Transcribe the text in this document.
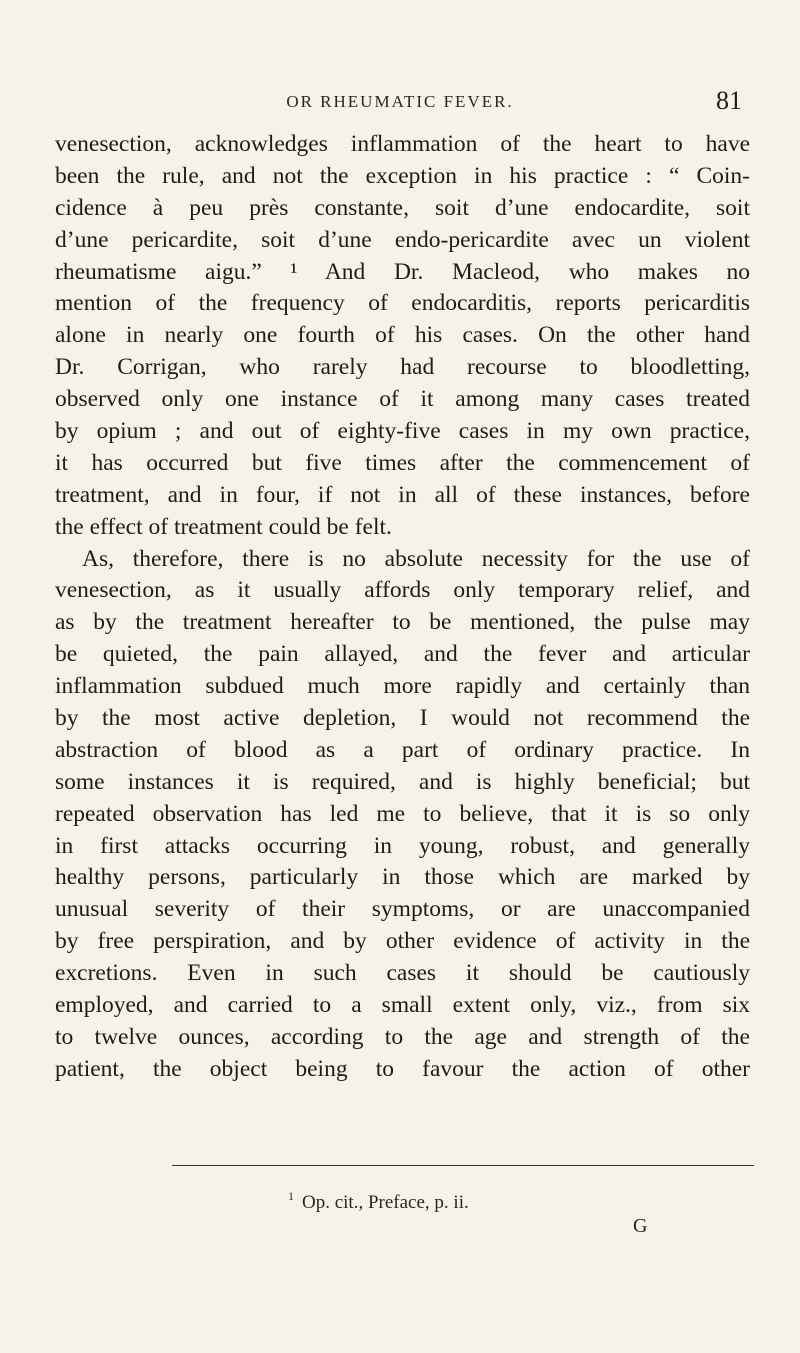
OR RHEUMATIC FEVER.	81
venesection, acknowledges inflammation of the heart to have
been the rule, and not the exception in his practice : “ Coin-
cidence à peu près constante, soit d’une endocardite, soit
d’une pericardite, soit d’une endo-pericardite avec un violent
rheumatisme aigu.” ¹ And Dr. Macleod, who makes no
mention of the frequency of endocarditis, reports pericarditis
alone in nearly one fourth of his cases. On the other hand
Dr. Corrigan, who rarely had recourse to bloodletting,
observed only one instance of it among many cases treated
by opium ; and out of eighty-five cases in my own practice,
it has occurred but five times after the commencement of
treatment, and in four, if not in all of these instances, before
the effect of treatment could be felt.
As, therefore, there is no absolute necessity for the use of
venesection, as it usually affords only temporary relief, and
as by the treatment hereafter to be mentioned, the pulse may
be quieted, the pain allayed, and the fever and articular
inflammation subdued much more rapidly and certainly than
by the most active depletion, I would not recommend the
abstraction of blood as a part of ordinary practice. In
some instances it is required, and is highly beneficial; but
repeated observation has led me to believe, that it is so only
in first attacks occurring in young, robust, and generally
healthy persons, particularly in those which are marked by
unusual severity of their symptoms, or are unaccompanied
by free perspiration, and by other evidence of activity in the
excretions. Even in such cases it should be cautiously
employed, and carried to a small extent only, viz., from six
to twelve ounces, according to the age and strength of the
patient, the object being to favour the action of other
$^1$ Op. cit., Preface, p. ii.
G
